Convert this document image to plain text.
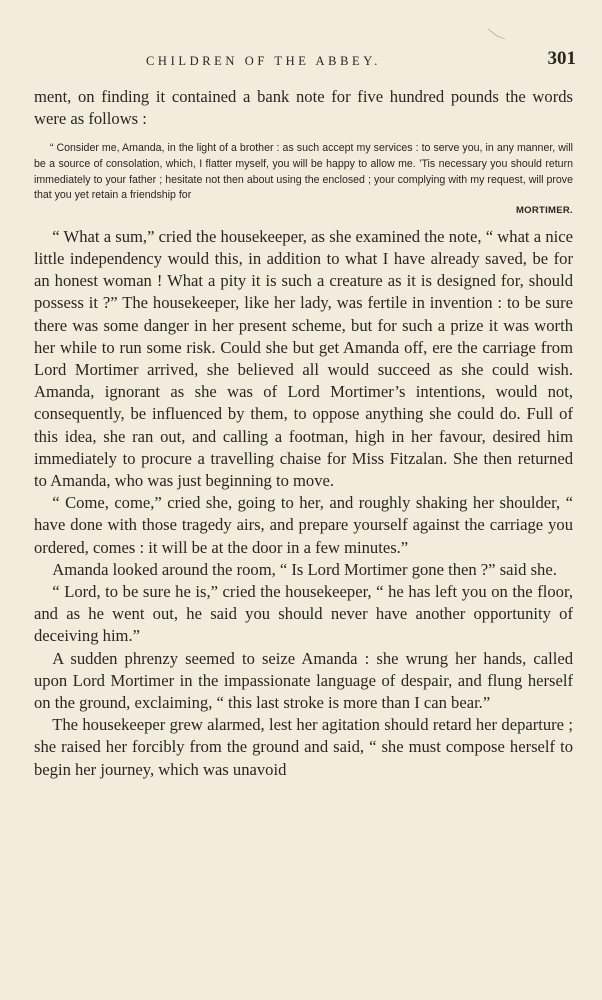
CHILDREN OF THE ABBEY.	301

ment, on finding it contained a bank note for five hundred pounds the words were as follows :

“ Consider me, Amanda, in the light of a brother : as such accept my services : to serve you, in any manner, will be a source of consolation, which, I flatter myself, you will be happy to allow me. ’Tis necessary you should return immediately to your father ; hesitate not then about using the enclosed ; your complying with my request, will prove that you yet retain a friendship for

MORTIMER.

“ What a sum,” cried the housekeeper, as she examined the note, “ what a nice little independency would this, in addition to what I have already saved, be for an honest woman ! What a pity it is such a creature as it is designed for, should possess it ?” The housekeeper, like her lady, was fertile in invention : to be sure there was some danger in her present scheme, but for such a prize it was worth her while to run some risk. Could she but get Amanda off, ere the carriage from Lord Mortimer arrived, she believed all would succeed as she could wish. Amanda, ignorant as she was of Lord Mortimer’s intentions, would not, consequently, be influenced by them, to oppose anything she could do. Full of this idea, she ran out, and calling a footman, high in her favour, desired him immediately to procure a travelling chaise for Miss Fitzalan. She then returned to Amanda, who was just beginning to move.

“ Come, come,” cried she, going to her, and roughly shaking her shoulder, “ have done with those tragedy airs, and prepare yourself against the carriage you ordered, comes : it will be at the door in a few minutes.”

Amanda looked around the room, “ Is Lord Mortimer gone then ?” said she.

“ Lord, to be sure he is,” cried the housekeeper, “ he has left you on the floor, and as he went out, he said you should never have another opportunity of deceiving him.”

A sudden phrenzy seemed to seize Amanda : she wrung her hands, called upon Lord Mortimer in the impassionate language of despair, and flung herself on the ground, exclaiming, “ this last stroke is more than I can bear.”

The housekeeper grew alarmed, lest her agitation should retard her departure ; she raised her forcibly from the ground and said, “ she must compose herself to begin her journey, which was unavoid
